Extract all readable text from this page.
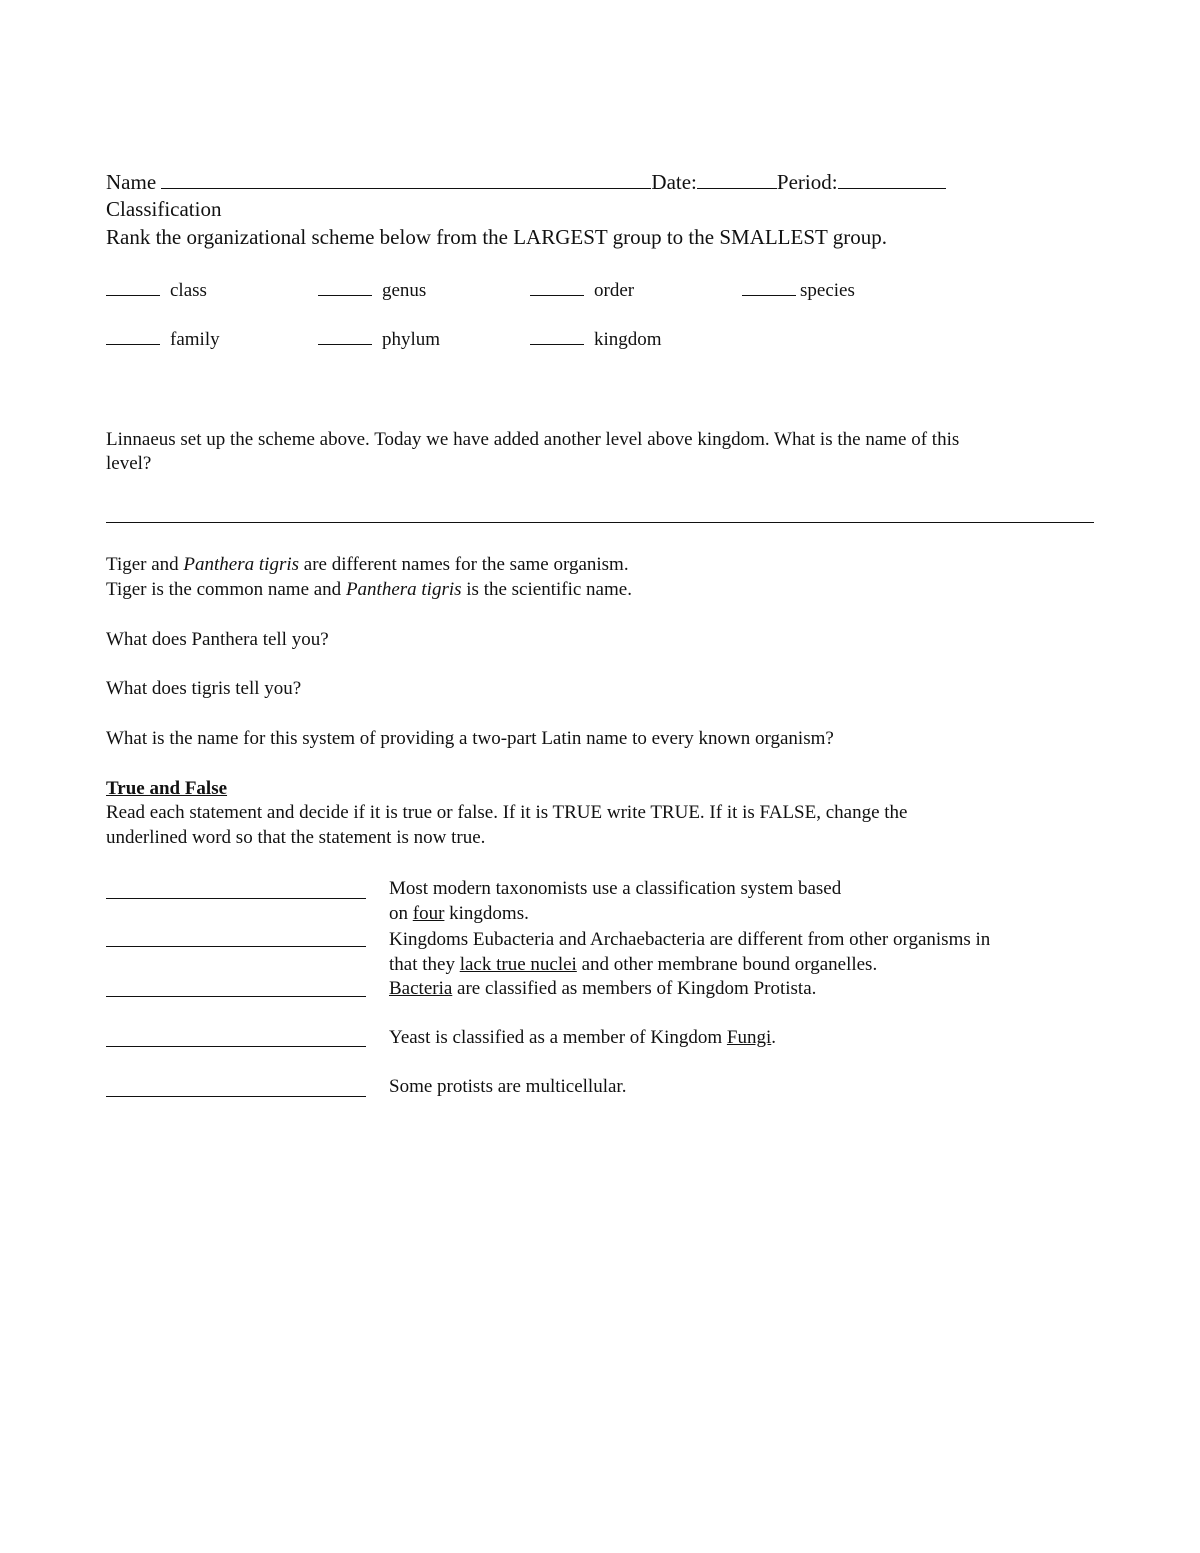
Name	Date:	Period:
Classification
Rank the organizational scheme below from the LARGEST group to the SMALLEST group.
class	genus	order	species
family	phylum	kingdom
Linnaeus set up the scheme above. Today we have added another level above kingdom. What is the name of this
level?
Tiger and Panthera tigris are different names for the same organism.
Tiger is the common name and Panthera tigris is the scientific name.
What does Panthera tell you?
What does tigris tell you?
What is the name for this system of providing a two-part Latin name to every known organism?
True and False
Read each statement and decide if it is true or false. If it is TRUE write TRUE. If it is FALSE, change the
underlined word so that the statement is now true.
Most modern taxonomists use a classification system based
on four kingdoms.
Kingdoms Eubacteria and Archaebacteria are different from other organisms in
that they lack true nuclei and other membrane bound organelles.
Bacteria are classified as members of Kingdom Protista.
Yeast is classified as a member of Kingdom Fungi.
Some protists are multicellular.
